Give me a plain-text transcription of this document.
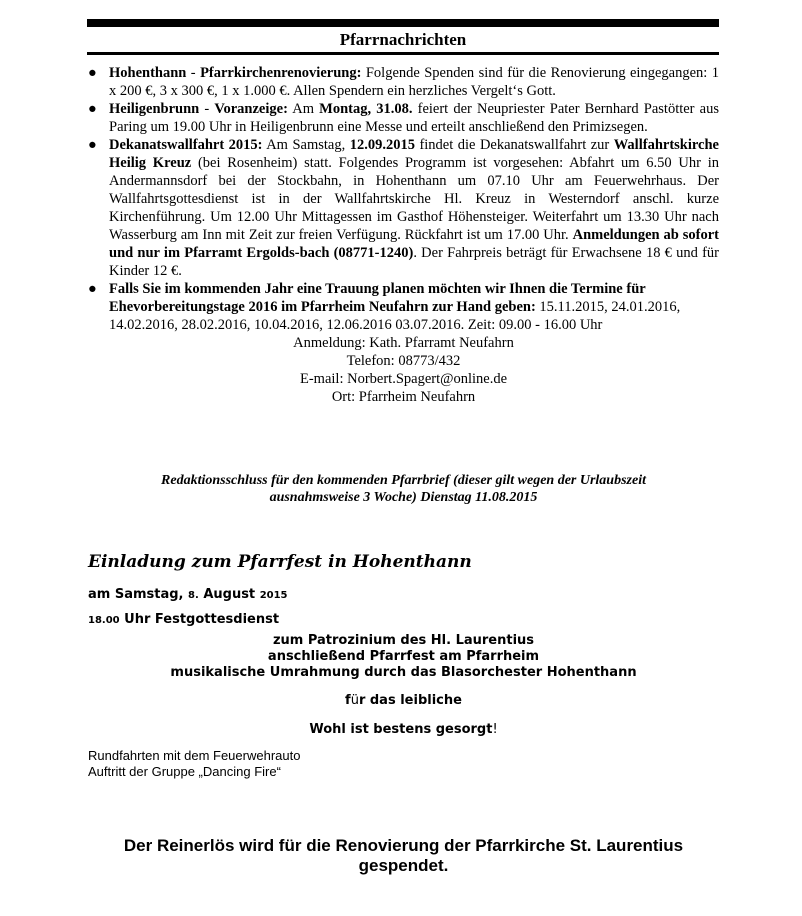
Pfarrnachrichten
● Hohenthann - Pfarrkirchenrenovierung: Folgende Spenden sind für die Renovierung eingegangen: 1 x 200 €, 3 x 300 €, 1 x 1.000 €. Allen Spendern ein herzliches Vergelt‘s Gott.
● Heiligenbrunn - Voranzeige: Am Montag, 31.08. feiert der Neupriester Pater Bernhard Pastötter aus Paring um 19.00 Uhr in Heiligenbrunn eine Messe und erteilt anschließend den Primizsegen.
● Dekanatswallfahrt 2015: Am Samstag, 12.09.2015 findet die Dekanatswallfahrt zur Wallfahrtskirche Heilig Kreuz (bei Rosenheim) statt. Folgendes Programm ist vorgesehen: Abfahrt um 6.50 Uhr in Andermannsdorf bei der Stockbahn, in Hohenthann um 07.10 Uhr am Feuerwehrhaus. Der Wallfahrtsgottesdienst ist in der Wallfahrtskirche Hl. Kreuz in Westerndorf anschl. kurze Kirchenführung. Um 12.00 Uhr Mittagessen im Gasthof Höhensteiger. Weiterfahrt um 13.30 Uhr nach Wasserburg am Inn mit Zeit zur freien Verfügung. Rückfahrt ist um 17.00 Uhr. Anmeldungen ab sofort und nur im Pfarramt Ergolds-bach (08771-1240). Der Fahrpreis beträgt für Erwachsene 18 € und für Kinder 12 €.
● Falls Sie im kommenden Jahr eine Trauung planen möchten wir Ihnen die Termine für Ehevorbereitungstage 2016 im Pfarrheim Neufahrn zur Hand geben: 15.11.2015, 24.01.2016, 14.02.2016, 28.02.2016, 10.04.2016, 12.06.2016 03.07.2016. Zeit: 09.00 - 16.00 Uhr
Anmeldung: Kath. Pfarramt Neufahrn
Telefon: 08773/432
E-mail: Norbert.Spagert@online.de
Ort: Pfarrheim Neufahrn
Redaktionsschluss für den kommenden Pfarrbrief (dieser gilt wegen der Urlaubszeit
ausnahmsweise 3 Woche) Dienstag 11.08.2015
Einladung zum Pfarrfest in Hohenthann
am Samstag, 8. August 2015
18.00 Uhr Festgottesdienst
zum Patrozinium des Hl. Laurentius
anschließend Pfarrfest am Pfarrheim
musikalische Umrahmung durch das Blasorchester Hohenthann
für das leibliche
Wohl ist bestens gesorgt!
Rundfahrten mit dem Feuerwehrauto
Auftritt der Gruppe „Dancing Fire“
Der Reinerlös wird für die Renovierung der Pfarrkirche St. Laurentius
gespendet.
